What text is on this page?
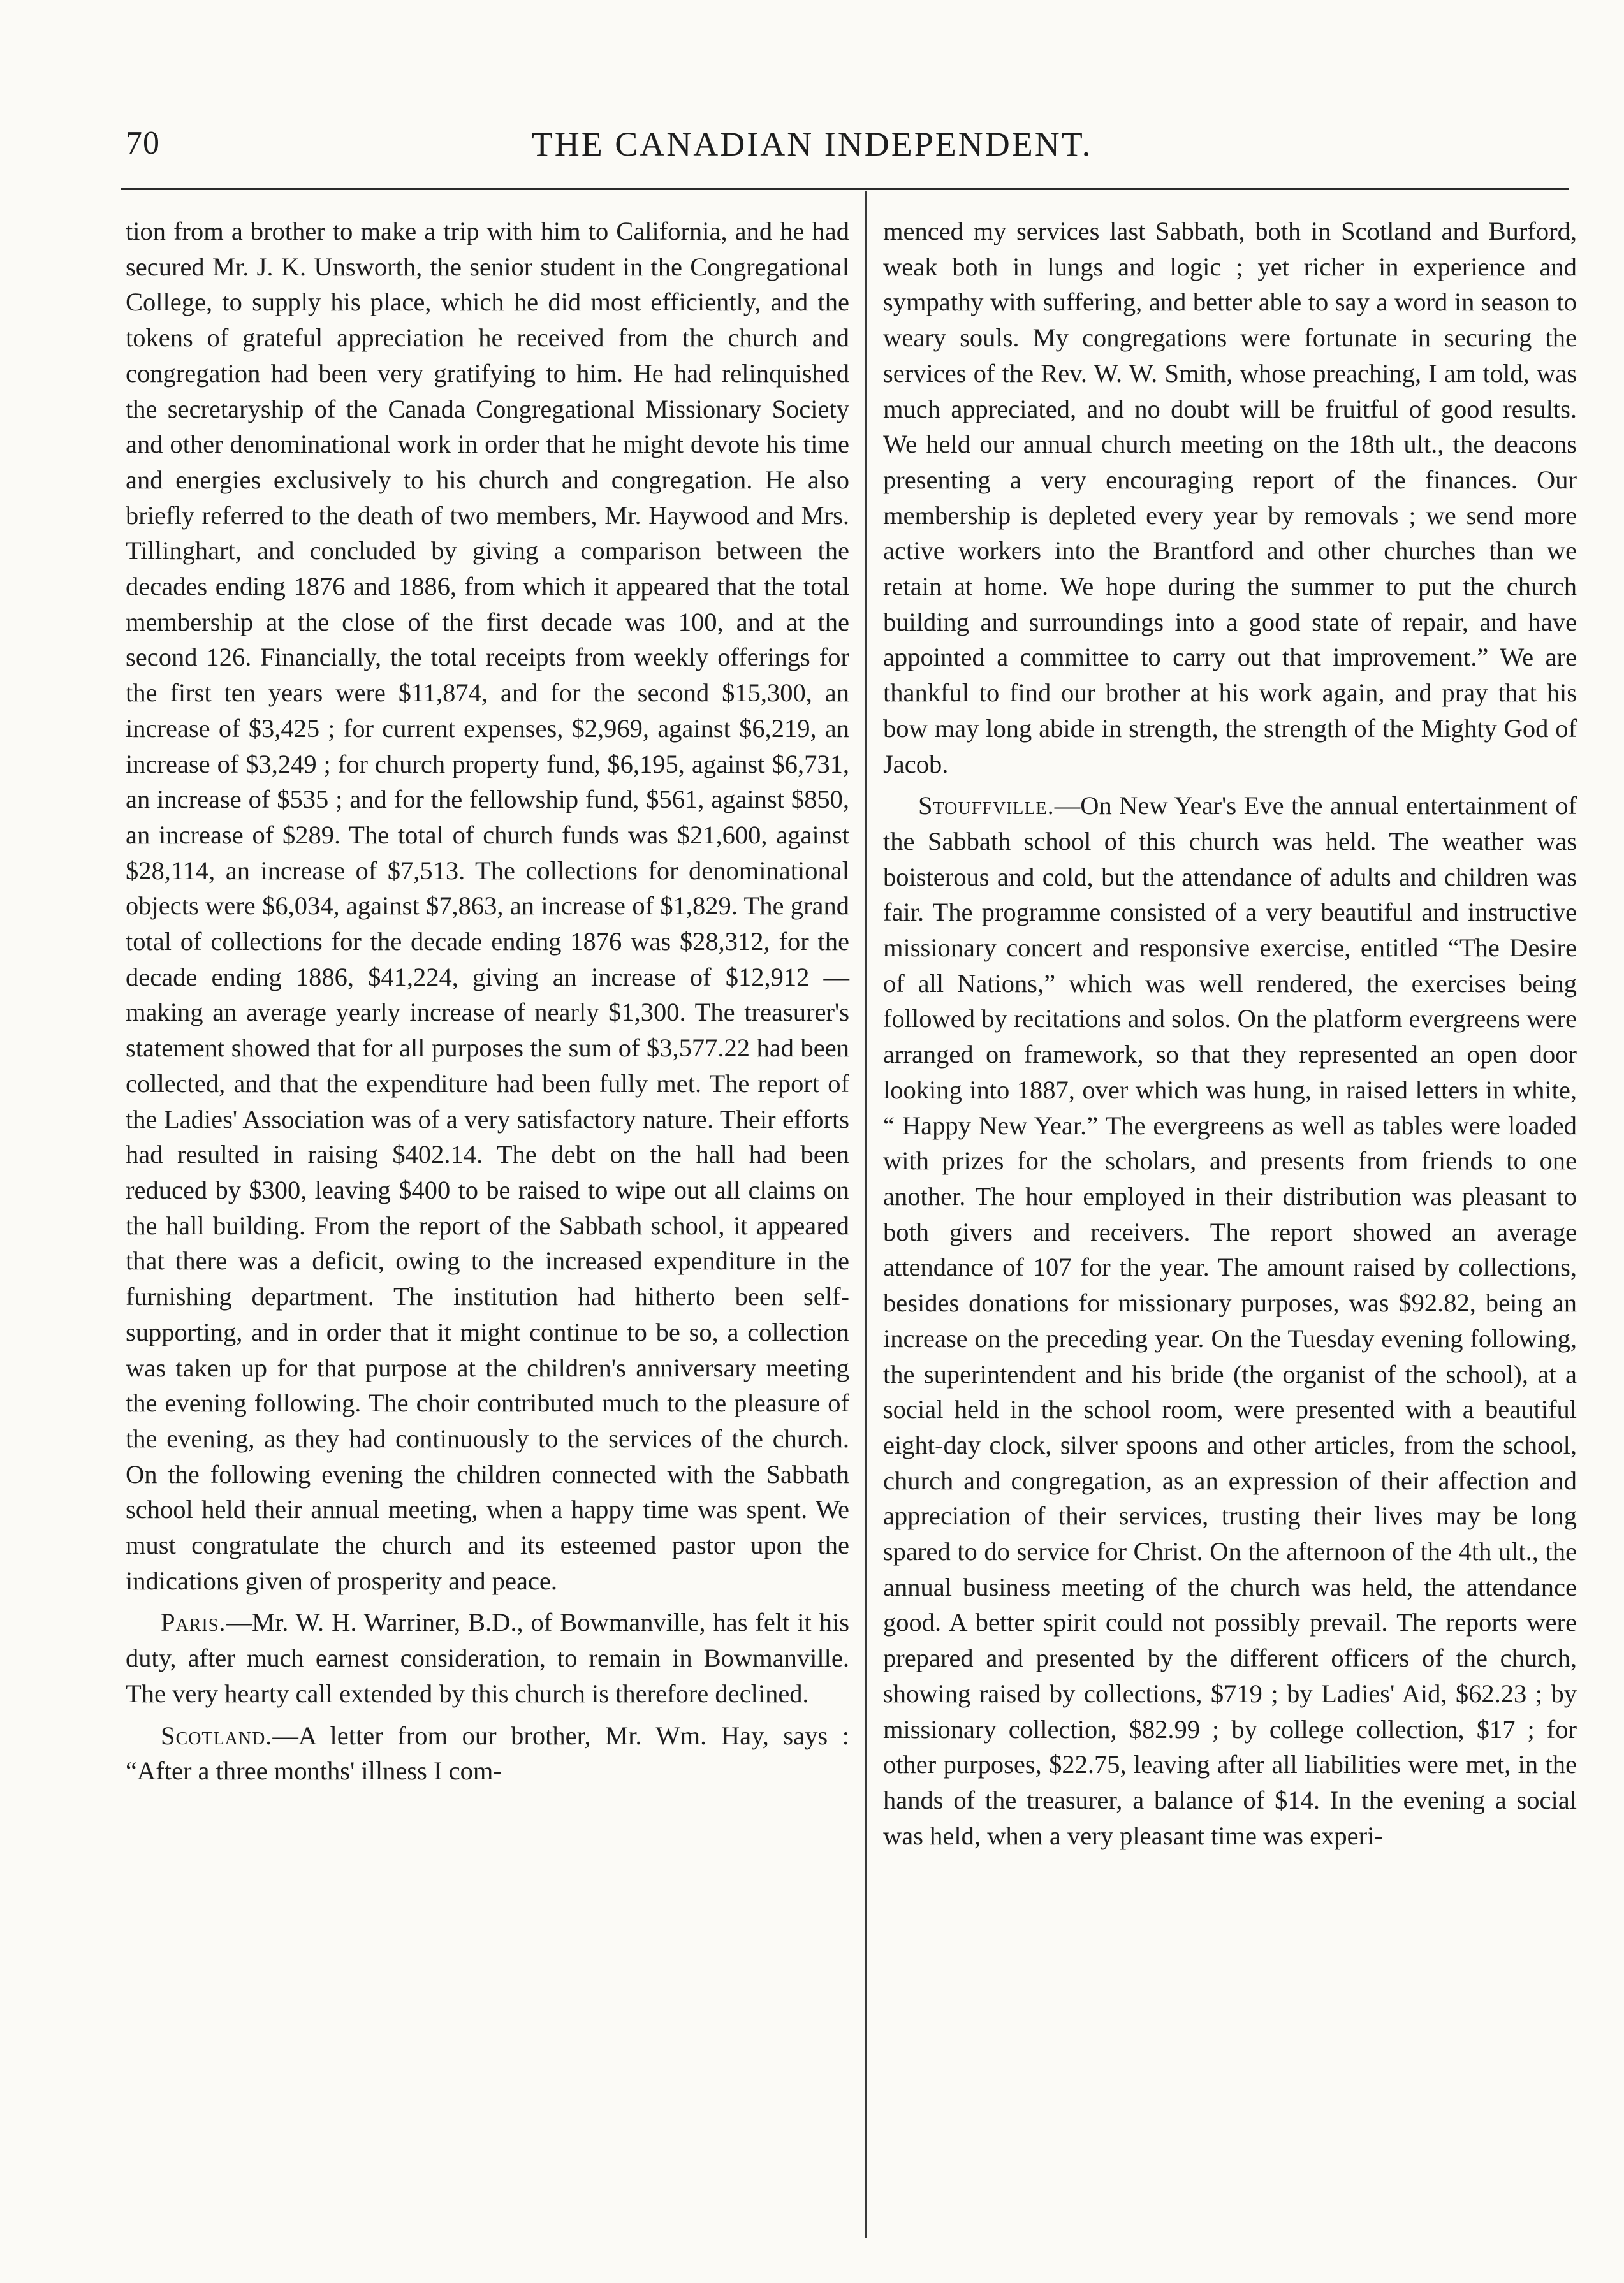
70	THE CANADIAN INDEPENDENT.

tion from a brother to make a trip with him to California, and he had secured Mr. J. K. Unsworth, the senior student in the Congregational College, to supply his place, which he did most efficiently, and the tokens of grateful appreciation he received from the church and congregation had been very gratifying to him. He had relinquished the secretaryship of the Canada Congregational Missionary Society and other denominational work in order that he might devote his time and energies exclusively to his church and congregation. He also briefly referred to the death of two members, Mr. Haywood and Mrs. Tillinghart, and concluded by giving a comparison between the decades ending 1876 and 1886, from which it appeared that the total membership at the close of the first decade was 100, and at the second 126. Financially, the total receipts from weekly offerings for the first ten years were $11,874, and for the second $15,300, an increase of $3,425 ; for current expenses, $2,969, against $6,219, an increase of $3,249 ; for church property fund, $6,195, against $6,731, an increase of $535 ; and for the fellowship fund, $561, against $850, an increase of $289. The total of church funds was $21,600, against $28,114, an increase of $7,513. The collections for denominational objects were $6,034, against $7,863, an increase of $1,829. The grand total of collections for the decade ending 1876 was $28,312, for the decade ending 1886, $41,224, giving an increase of $12,912 —making an average yearly increase of nearly $1,300. The treasurer's statement showed that for all purposes the sum of $3,577.22 had been collected, and that the expenditure had been fully met. The report of the Ladies' Association was of a very satisfactory nature. Their efforts had resulted in raising $402.14. The debt on the hall had been reduced by $300, leaving $400 to be raised to wipe out all claims on the hall building. From the report of the Sabbath school, it appeared that there was a deficit, owing to the increased expenditure in the furnishing department. The institution had hitherto been self-supporting, and in order that it might continue to be so, a collection was taken up for that purpose at the children's anniversary meeting the evening following. The choir contributed much to the pleasure of the evening, as they had continuously to the services of the church. On the following evening the children connected with the Sabbath school held their annual meeting, when a happy time was spent. We must congratulate the church and its esteemed pastor upon the indications given of prosperity and peace.

Paris.—Mr. W. H. Warriner, B.D., of Bowmanville, has felt it his duty, after much earnest consideration, to remain in Bowmanville. The very hearty call extended by this church is therefore declined.

Scotland.—A letter from our brother, Mr. Wm. Hay, says : “After a three months' illness I com-

menced my services last Sabbath, both in Scotland and Burford, weak both in lungs and logic ; yet richer in experience and sympathy with suffering, and better able to say a word in season to weary souls. My congregations were fortunate in securing the services of the Rev. W. W. Smith, whose preaching, I am told, was much appreciated, and no doubt will be fruitful of good results. We held our annual church meeting on the 18th ult., the deacons presenting a very encouraging report of the finances. Our membership is depleted every year by removals ; we send more active workers into the Brantford and other churches than we retain at home. We hope during the summer to put the church building and surroundings into a good state of repair, and have appointed a committee to carry out that improvement.” We are thankful to find our brother at his work again, and pray that his bow may long abide in strength, the strength of the Mighty God of Jacob.

Stouffville.—On New Year's Eve the annual entertainment of the Sabbath school of this church was held. The weather was boisterous and cold, but the attendance of adults and children was fair. The programme consisted of a very beautiful and instructive missionary concert and responsive exercise, entitled “The Desire of all Nations,” which was well rendered, the exercises being followed by recitations and solos. On the platform evergreens were arranged on framework, so that they represented an open door looking into 1887, over which was hung, in raised letters in white, “ Happy New Year.” The evergreens as well as tables were loaded with prizes for the scholars, and presents from friends to one another. The hour employed in their distribution was pleasant to both givers and receivers. The report showed an average attendance of 107 for the year. The amount raised by collections, besides donations for missionary purposes, was $92.82, being an increase on the preceding year. On the Tuesday evening following, the superintendent and his bride (the organist of the school), at a social held in the school room, were presented with a beautiful eight-day clock, silver spoons and other articles, from the school, church and congregation, as an expression of their affection and appreciation of their services, trusting their lives may be long spared to do service for Christ. On the afternoon of the 4th ult., the annual business meeting of the church was held, the attendance good. A better spirit could not possibly prevail. The reports were prepared and presented by the different officers of the church, showing raised by collections, $719 ; by Ladies' Aid, $62.23 ; by missionary collection, $82.99 ; by college collection, $17 ; for other purposes, $22.75, leaving after all liabilities were met, in the hands of the treasurer, a balance of $14. In the evening a social was held, when a very pleasant time was experi-
